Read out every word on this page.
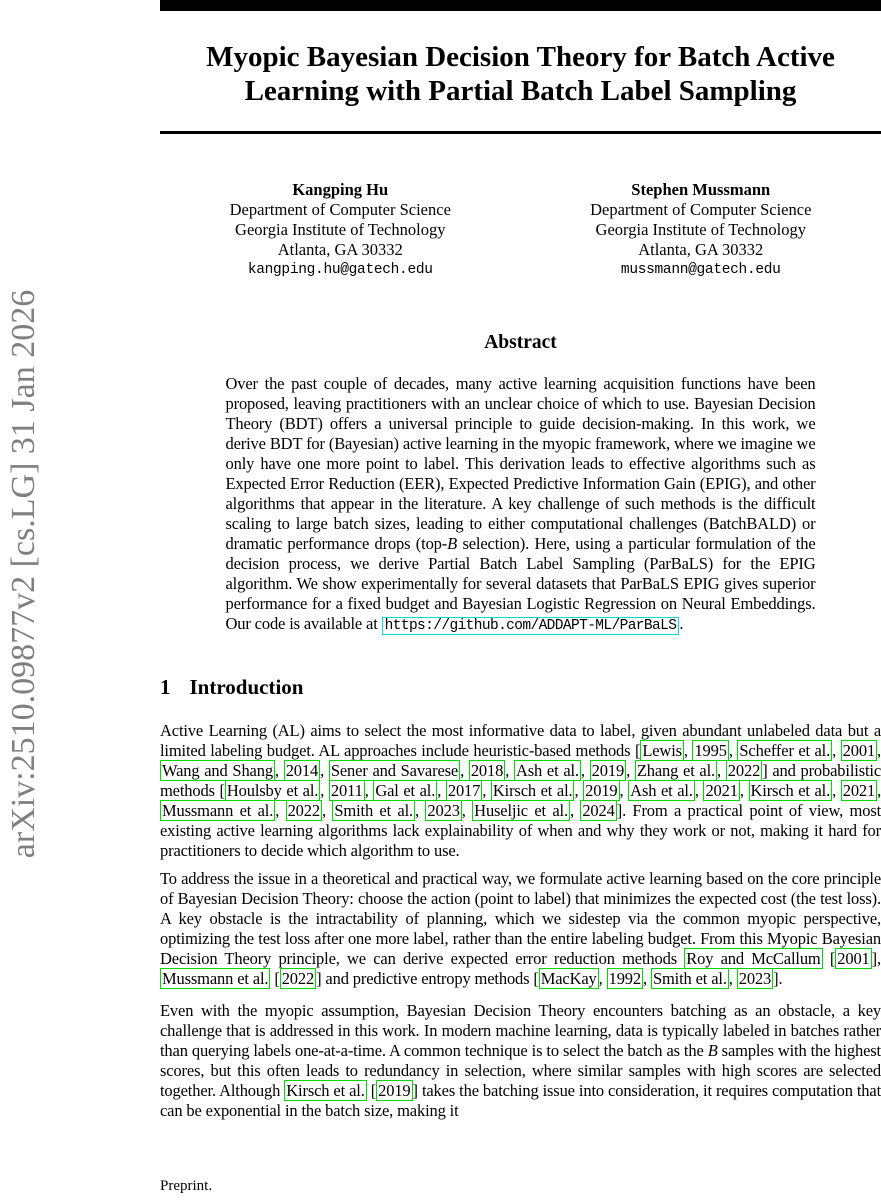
arXiv:2510.09877v2 [cs.LG] 31 Jan 2026
Myopic Bayesian Decision Theory for Batch Active
Learning with Partial Batch Label Sampling
Kangping Hu
Department of Computer Science
Georgia Institute of Technology
Atlanta, GA 30332
kangping.hu@gatech.edu
Stephen Mussmann
Department of Computer Science
Georgia Institute of Technology
Atlanta, GA 30332
mussmann@gatech.edu
Abstract

Over the past couple of decades, many active learning acquisition functions have been proposed, leaving practitioners with an unclear choice of which to use. Bayesian Decision Theory (BDT) offers a universal principle to guide decision-making. In this work, we derive BDT for (Bayesian) active learning in the myopic framework, where we imagine we only have one more point to label. This derivation leads to effective algorithms such as Expected Error Reduction (EER), Expected Predictive Information Gain (EPIG), and other algorithms that appear in the literature. A key challenge of such methods is the difficult scaling to large batch sizes, leading to either computational challenges (BatchBALD) or dramatic performance drops (top-B selection). Here, using a particular formulation of the decision process, we derive Partial Batch Label Sampling (ParBaLS) for the EPIG algorithm. We show experimentally for several datasets that ParBaLS EPIG gives superior performance for a fixed budget and Bayesian Logistic Regression on Neural Embeddings. Our code is available at https://github.com/ADDAPT-ML/ParBaLS .

1 Introduction

Active Learning (AL) aims to select the most informative data to label, given abundant unlabeled data but a limited labeling budget. AL approaches include heuristic-based methods [ Lewis , 1995 , Scheffer et al. , 2001 , Wang and Shang , 2014 , Sener and Savarese , 2018 , Ash et al. , 2019 , Zhang et al. , 2022 ] and probabilistic methods [ Houlsby et al. , 2011 , Gal et al. , 2017 , Kirsch et al. , 2019 , Ash et al. , 2021 , Kirsch et al. , 2021 , Mussmann et al. , 2022 , Smith et al. , 2023 , Huseljic et al. , 2024 ]. From a practical point of view, most existing active learning algorithms lack explainability of when and why they work or not, making it hard for practitioners to decide which algorithm to use.

To address the issue in a theoretical and practical way, we formulate active learning based on the core principle of Bayesian Decision Theory: choose the action (point to label) that minimizes the expected cost (the test loss). A key obstacle is the intractability of planning, which we sidestep via the common myopic perspective, optimizing the test loss after one more label, rather than the entire labeling budget. From this Myopic Bayesian Decision Theory principle, we can derive expected error reduction methods Roy and McCallum [ 2001 ], Mussmann et al. [ 2022 ] and predictive entropy methods [ MacKay , 1992 , Smith et al. , 2023 ].

Even with the myopic assumption, Bayesian Decision Theory encounters batching as an obstacle, a key challenge that is addressed in this work. In modern machine learning, data is typically labeled in batches rather than querying labels one-at-a-time. A common technique is to select the batch as the B samples with the highest scores, but this often leads to redundancy in selection, where similar samples with high scores are selected together. Although Kirsch et al. [ 2019 ] takes the batching issue into consideration, it requires computation that can be exponential in the batch size, making it

Preprint.
